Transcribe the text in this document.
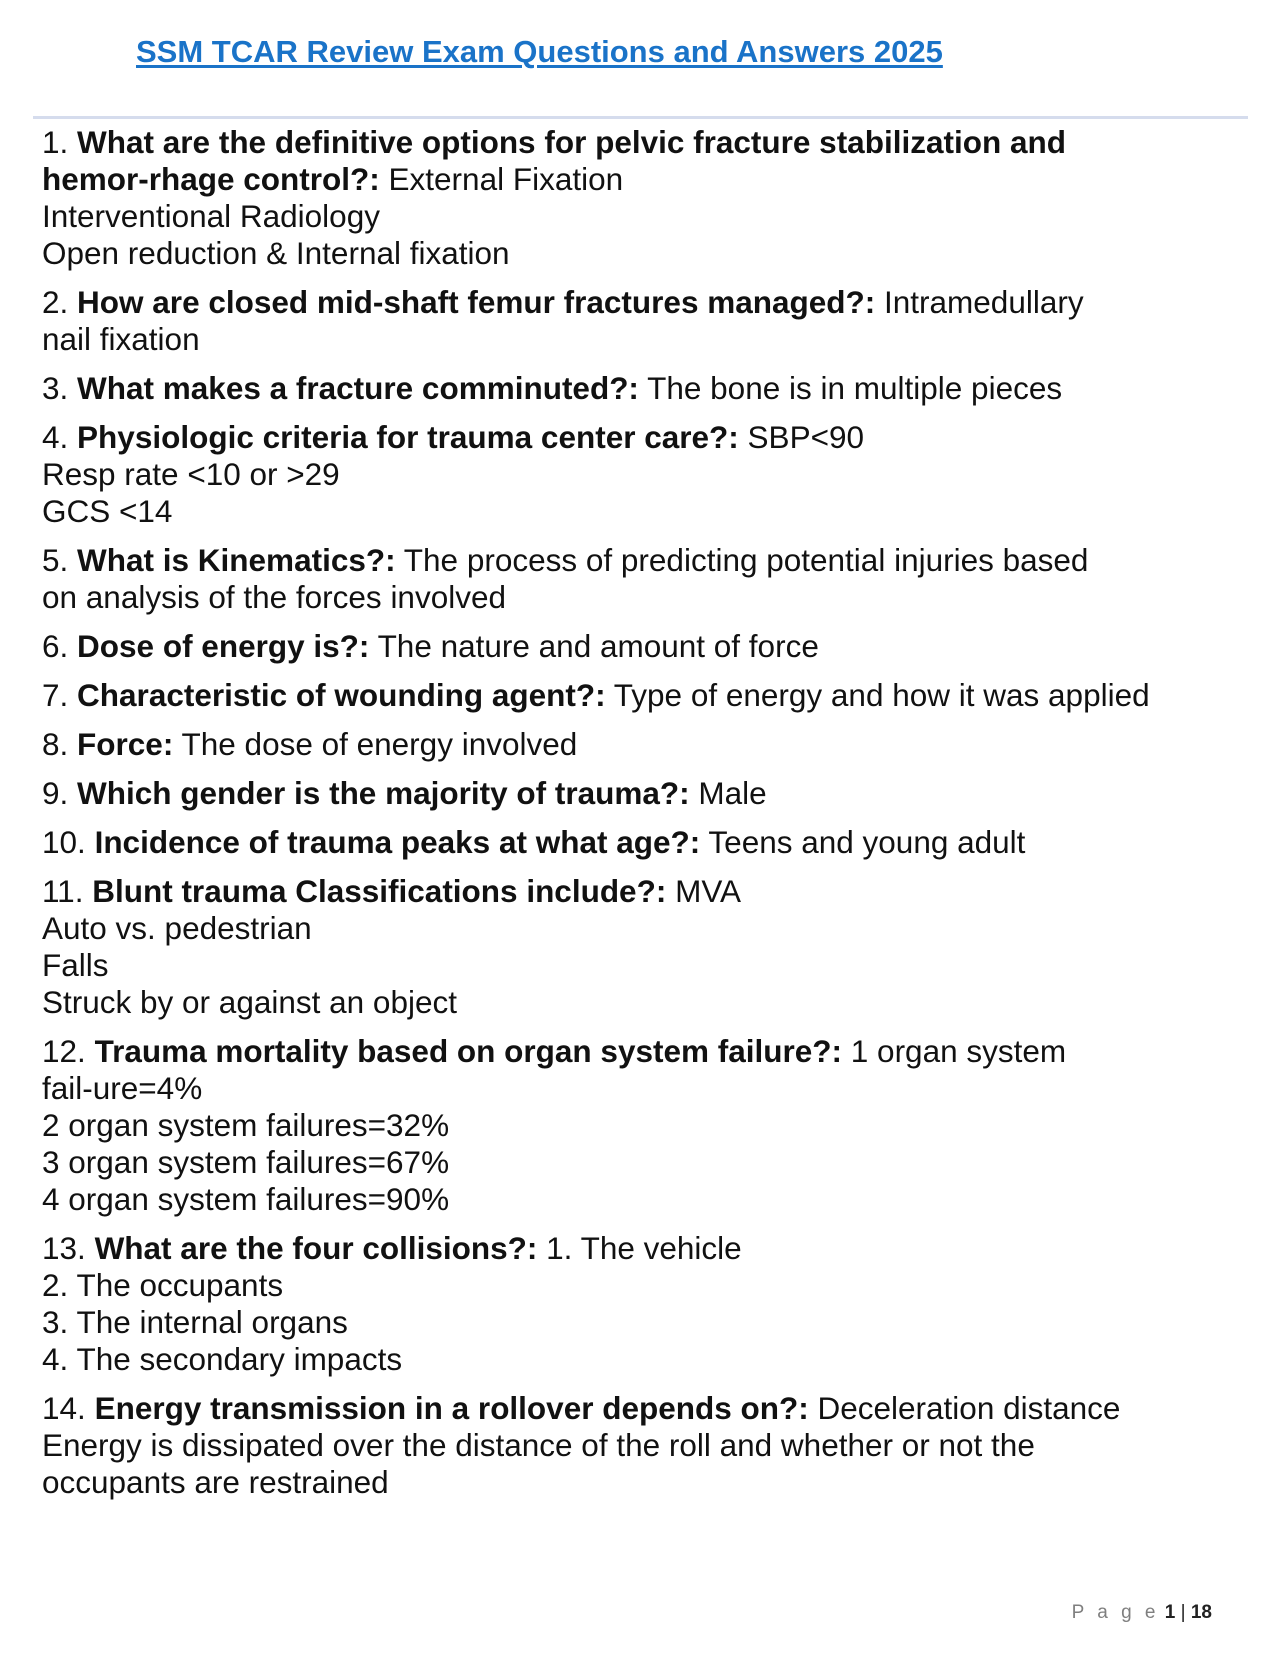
SSM TCAR Review Exam Questions and Answers 2025
1. What are the definitive options for pelvic fracture stabilization and
hemor-rhage control?: External Fixation
Interventional Radiology
Open reduction & Internal fixation
2. How are closed mid-shaft femur fractures managed?: Intramedullary
nail fixation
3. What makes a fracture comminuted?: The bone is in multiple pieces
4. Physiologic criteria for trauma center care?: SBP<90
Resp rate <10 or >29
GCS <14
5. What is Kinematics?: The process of predicting potential injuries based
on analysis of the forces involved
6. Dose of energy is?: The nature and amount of force
7. Characteristic of wounding agent?: Type of energy and how it was applied
8. Force: The dose of energy involved
9. Which gender is the majority of trauma?: Male
10. Incidence of trauma peaks at what age?: Teens and young adult
11. Blunt trauma Classifications include?: MVA
Auto vs. pedestrian
Falls
Struck by or against an object
12. Trauma mortality based on organ system failure?: 1 organ system
fail-ure=4%
2 organ system failures=32%
3 organ system failures=67%
4 organ system failures=90%
13. What are the four collisions?: 1. The vehicle
2. The occupants
3. The internal organs
4. The secondary impacts
14. Energy transmission in a rollover depends on?: Deceleration distance
Energy is dissipated over the distance of the roll and whether or not the
occupants are restrained
P a g e 1 | 18
